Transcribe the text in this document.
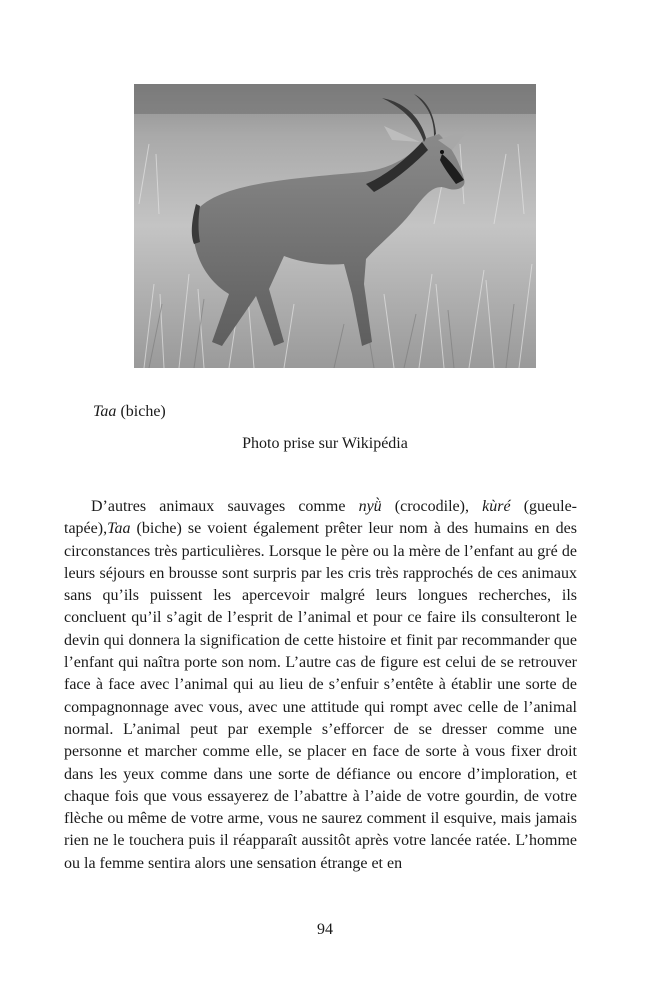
Taa (biche)
Photo prise sur Wikipédia

D’autres animaux sauvages comme nyǜ (crocodile), kùré (gueule-tapée),Taa (biche) se voient également prêter leur nom à des humains en des circonstances très particulières. Lorsque le père ou la mère de l’enfant au gré de leurs séjours en brousse sont surpris par les cris très rapprochés de ces animaux sans qu’ils puissent les apercevoir malgré leurs longues recherches, ils concluent qu’il s’agit de l’esprit de l’animal et pour ce faire ils consulteront le devin qui donnera la signification de cette histoire et finit par recommander que l’enfant qui naîtra porte son nom. L’autre cas de figure est celui de se retrouver face à face avec l’animal qui au lieu de s’enfuir s’entête à établir une sorte de compagnonnage avec vous, avec une attitude qui rompt avec celle de l’animal normal. L’animal peut par exemple s’efforcer de se dresser comme une personne et marcher comme elle, se placer en face de sorte à vous fixer droit dans les yeux comme dans une sorte de défiance ou encore d’imploration, et chaque fois que vous essayerez de l’abattre à l’aide de votre gourdin, de votre flèche ou même de votre arme, vous ne saurez comment il esquive, mais jamais rien ne le touchera puis il réapparaît aussitôt après votre lancée ratée. L’homme ou la femme sentira alors une sensation étrange et en

94
